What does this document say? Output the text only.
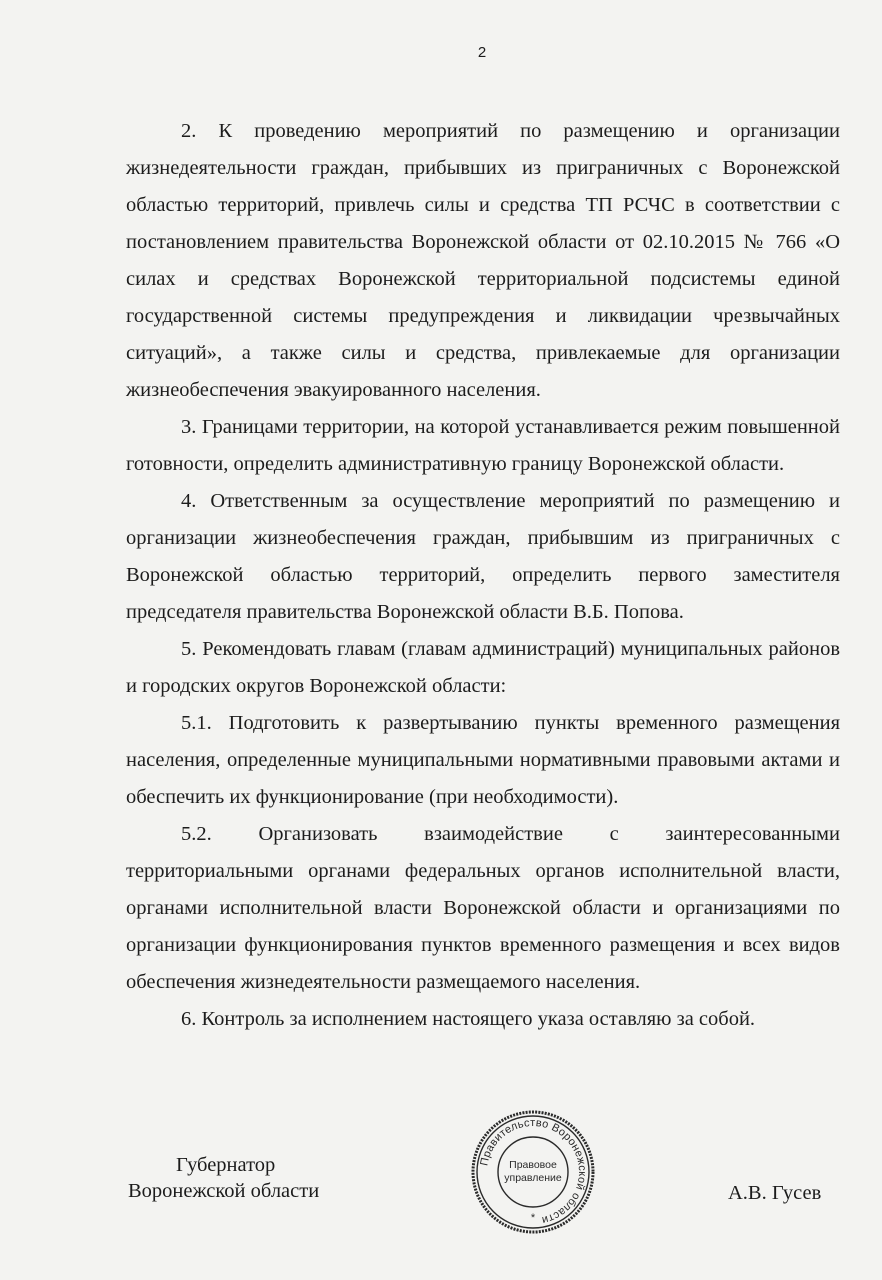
2

2. К проведению мероприятий по размещению и организации жизнедеятельности граждан, прибывших из приграничных с Воронежской областью территорий, привлечь силы и средства ТП РСЧС в соответствии с постановлением правительства Воронежской области от 02.10.2015 № 766 «О силах и средствах Воронежской территориальной подсистемы единой государственной системы предупреждения и ликвидации чрезвычайных ситуаций», а также силы и средства, привлекаемые для организации жизнеобеспечения эвакуированного населения.

3. Границами территории, на которой устанавливается режим повышенной готовности, определить административную границу Воронежской области.

4. Ответственным за осуществление мероприятий по размещению и организации жизнеобеспечения граждан, прибывшим из приграничных с Воронежской областью территорий, определить первого заместителя председателя правительства Воронежской области В.Б. Попова.

5. Рекомендовать главам (главам администраций) муниципальных районов и городских округов Воронежской области:

5.1. Подготовить к развертыванию пункты временного размещения населения, определенные муниципальными нормативными правовыми актами и обеспечить их функционирование (при необходимости).

5.2. Организовать взаимодействие с заинтересованными территориальными органами федеральных органов исполнительной власти, органами исполнительной власти Воронежской области и организациями по организации функционирования пунктов временного размещения и всех видов обеспечения жизнедеятельности размещаемого населения.

6. Контроль за исполнением настоящего указа оставляю за собой.

Губернатор
Воронежской области	А.В. Гусев
Правительство Воронежской области
Правовое
управление
*
